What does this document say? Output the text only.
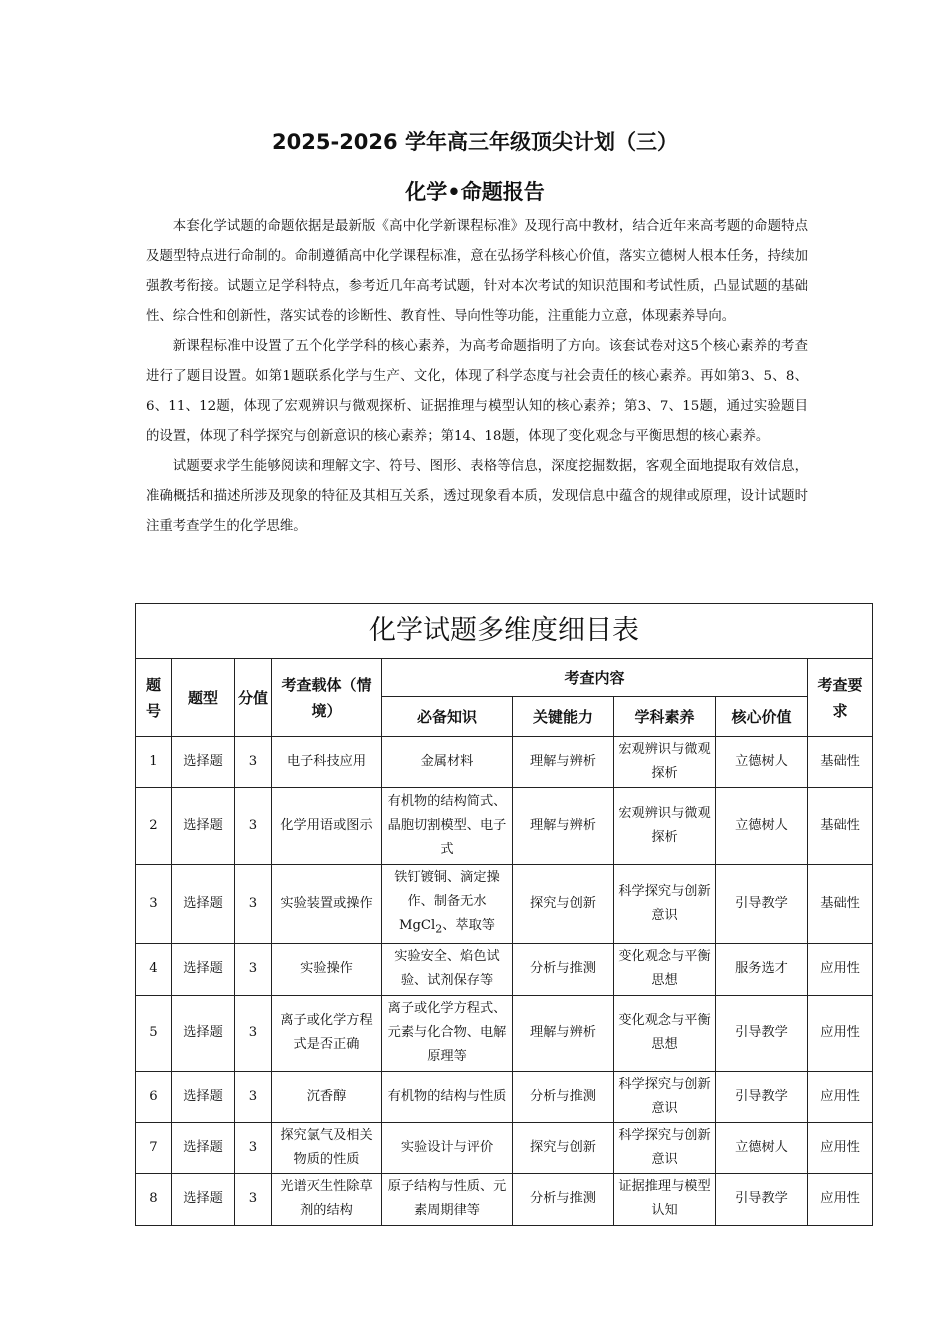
2025-2026 学年高三年级顶尖计划（三）
化学•命题报告

本套化学试题的命题依据是最新版《高中化学新课程标准》及现行高中教材，结合近年来高考题的命题特点及题型特点进行命制的。命制遵循高中化学课程标准，意在弘扬学科核心价值，落实立德树人根本任务，持续加强教考衔接。试题立足学科特点，参考近几年高考试题，针对本次考试的知识范围和考试性质，凸显试题的基础性、综合性和创新性，落实试卷的诊断性、教育性、导向性等功能，注重能力立意，体现素养导向。

新课程标准中设置了五个化学学科的核心素养，为高考命题指明了方向。该套试卷对这5个核心素养的考查进行了题目设置。如第1题联系化学与生产、文化，体现了科学态度与社会责任的核心素养。再如第3、5、8、6、11、12题，体现了宏观辨识与微观探析、证据推理与模型认知的核心素养；第3、7、15题，通过实验题目的设置，体现了科学探究与创新意识的核心素养；第14、18题，体现了变化观念与平衡思想的核心素养。

试题要求学生能够阅读和理解文字、符号、图形、表格等信息，深度挖掘数据，客观全面地提取有效信息，准确概括和描述所涉及现象的特征及其相互关系，透过现象看本质，发现信息中蕴含的规律或原理，设计试题时注重考查学生的化学思维。

化学试题多维度细目表								
题号	题型	分值	考查载体（情境）	考查内容				考查要求
				必备知识	关键能力	学科素养	核心价值	
1	选择题	3	电子科技应用	金属材料	理解与辨析	宏观辨识与微观探析	立德树人	基础性
2	选择题	3	化学用语或图示	有机物的结构简式、晶胞切割模型、电子式	理解与辨析	宏观辨识与微观探析	立德树人	基础性
3	选择题	3	实验装置或操作	铁钉镀铜、滴定操作、制备无水MgCl$_2$、萃取等	探究与创新	科学探究与创新意识	引导教学	基础性
4	选择题	3	实验操作	实验安全、焰色试验、试剂保存等	分析与推测	变化观念与平衡思想	服务选才	应用性
5	选择题	3	离子或化学方程式是否正确	离子或化学方程式、元素与化合物、电解原理等	理解与辨析	变化观念与平衡思想	引导教学	应用性
6	选择题	3	沉香醇	有机物的结构与性质	分析与推测	科学探究与创新意识	引导教学	应用性
7	选择题	3	探究氯气及相关物质的性质	实验设计与评价	探究与创新	科学探究与创新意识	立德树人	应用性
8	选择题	3	光谱灭生性除草剂的结构	原子结构与性质、元素周期律等	分析与推测	证据推理与模型认知	引导教学	应用性
